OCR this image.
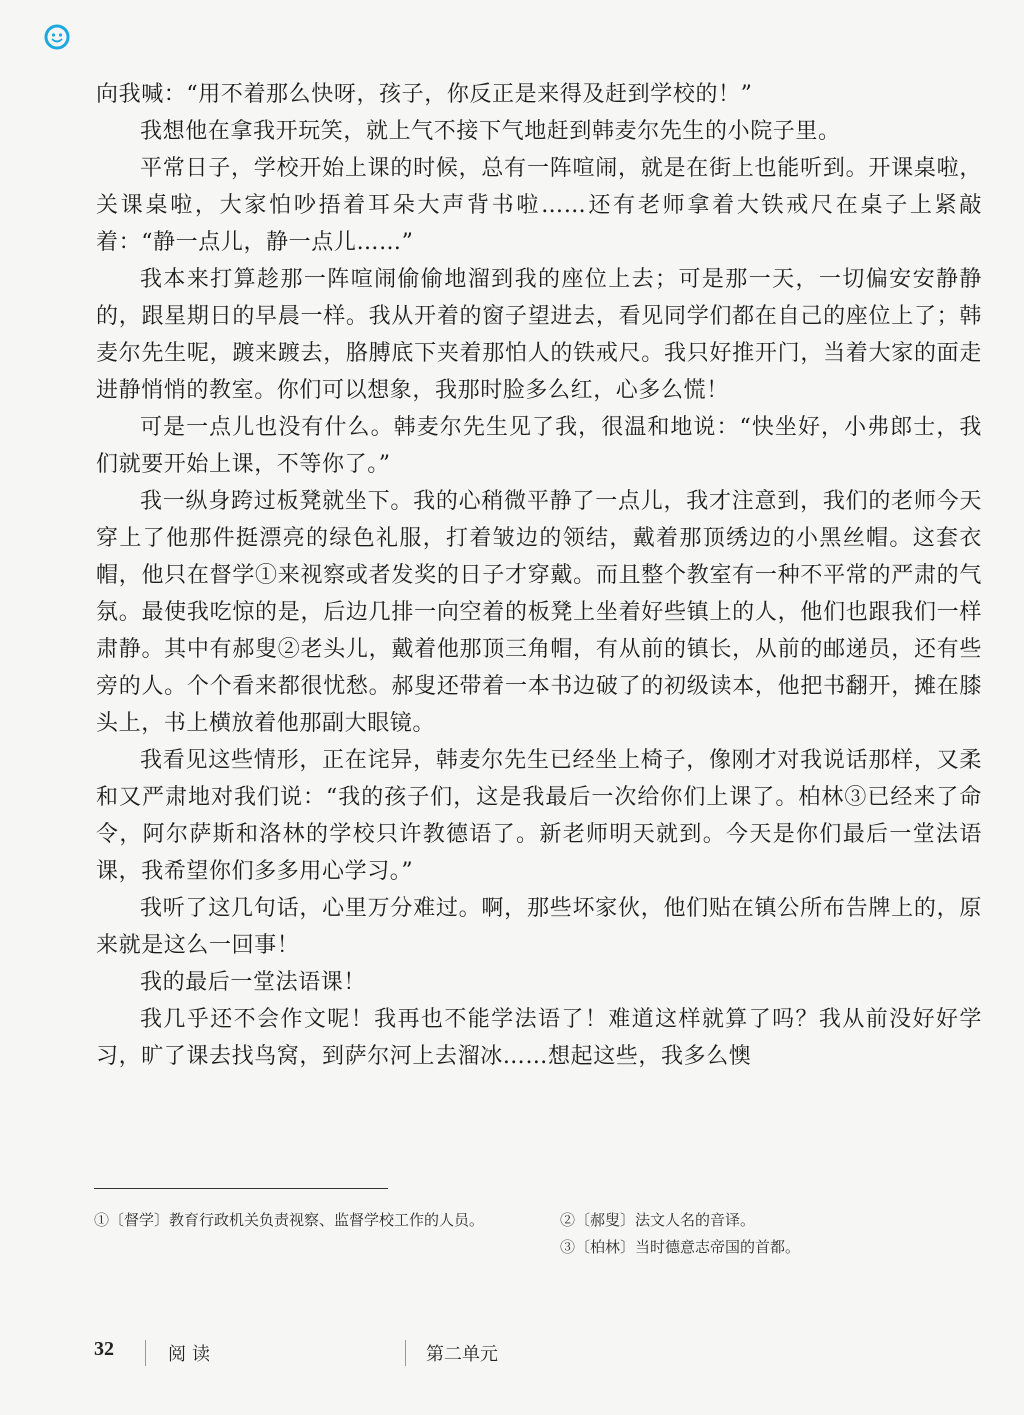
向我喊：“用不着那么快呀，孩子，你反正是来得及赶到学校的！”

我想他在拿我开玩笑，就上气不接下气地赶到韩麦尔先生的小院子里。

平常日子，学校开始上课的时候，总有一阵喧闹，就是在街上也能听到。开课桌啦，关课桌啦，大家怕吵捂着耳朵大声背书啦……还有老师拿着大铁戒尺在桌子上紧敲着：“静一点儿，静一点儿……”

我本来打算趁那一阵喧闹偷偷地溜到我的座位上去；可是那一天，一切偏安安静静的，跟星期日的早晨一样。我从开着的窗子望进去，看见同学们都在自己的座位上了；韩麦尔先生呢，踱来踱去，胳膊底下夹着那怕人的铁戒尺。我只好推开门，当着大家的面走进静悄悄的教室。你们可以想象，我那时脸多么红，心多么慌！

可是一点儿也没有什么。韩麦尔先生见了我，很温和地说：“快坐好，小弗郎士，我们就要开始上课，不等你了。”

我一纵身跨过板凳就坐下。我的心稍微平静了一点儿，我才注意到，我们的老师今天穿上了他那件挺漂亮的绿色礼服，打着皱边的领结，戴着那顶绣边的小黑丝帽。这套衣帽，他只在督学①来视察或者发奖的日子才穿戴。而且整个教室有一种不平常的严肃的气氛。最使我吃惊的是，后边几排一向空着的板凳上坐着好些镇上的人，他们也跟我们一样肃静。其中有郝叟②老头儿，戴着他那顶三角帽，有从前的镇长，从前的邮递员，还有些旁的人。个个看来都很忧愁。郝叟还带着一本书边破了的初级读本，他把书翻开，摊在膝头上，书上横放着他那副大眼镜。

我看见这些情形，正在诧异，韩麦尔先生已经坐上椅子，像刚才对我说话那样，又柔和又严肃地对我们说：“我的孩子们，这是我最后一次给你们上课了。柏林③已经来了命令，阿尔萨斯和洛林的学校只许教德语了。新老师明天就到。今天是你们最后一堂法语课，我希望你们多多用心学习。”

我听了这几句话，心里万分难过。啊，那些坏家伙，他们贴在镇公所布告牌上的，原来就是这么一回事！

我的最后一堂法语课！

我几乎还不会作文呢！我再也不能学法语了！难道这样就算了吗？我从前没好好学习，旷了课去找鸟窝，到萨尔河上去溜冰……想起这些，我多么懊

①〔督学〕教育行政机关负责视察、监督学校工作的人员。	②〔郝叟〕法文人名的音译。

③〔柏林〕当时德意志帝国的首都。

32	阅读	第二单元
